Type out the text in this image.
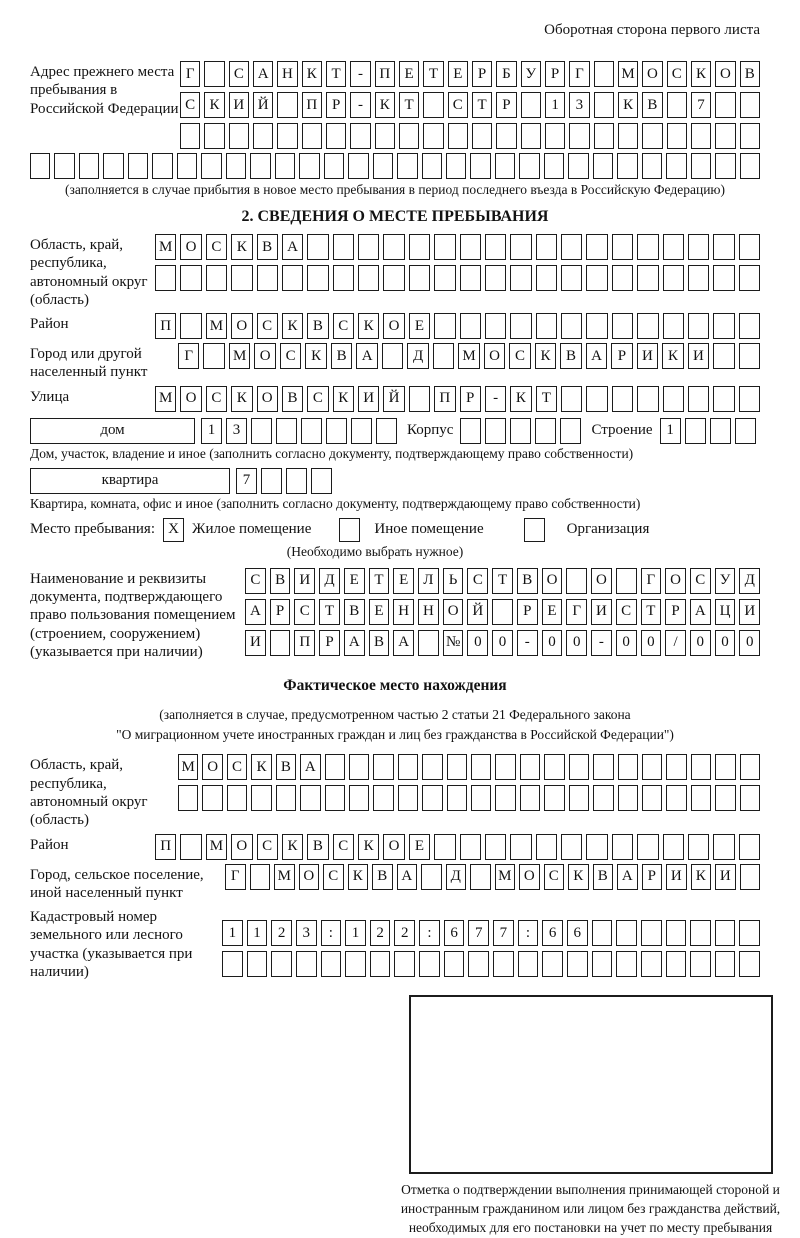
Оборотная сторона первого листа
Адрес прежнего места пребывания в Российской Федерации
Г	С А Н К Т	-	П Е	Т	Е	Р	Б У Р	Г	М О С К О В
С К И Й	П Р	-	К Т	С Т	Р	1	3	К В	7
(заполняется в случае прибытия в новое место пребывания в период последнего въезда в Российскую Федерацию)
2. СВЕДЕНИЯ О МЕСТЕ ПРЕБЫВАНИЯ
Область, край, республика, автономный округ (область)
М О С	К	В А
Район	П	М О С	К	В	С	К О	Е
Город или другой населенный пункт
Г	М О	С	К	В	А	Д	М О	С	К	В	А	Р	И	К	И
Улица	М О С	К О В	С	К И Й	П	Р	-	К	Т
дом	1	3	Корпус	Строение 1
Дом, участок, владение и иное (заполнить согласно документу, подтверждающему право собственности)
квартира	7
Квартира, комната, офис и иное (заполнить согласно документу, подтверждающему право собственности)
Место пребывания: X Жилое помещение	Иное помещение	Организация
(Необходимо выбрать нужное)
Наименование и реквизиты документа, подтверждающего право пользования помещением (строением, сооружением) (указывается при наличии)
С В И Д	Е	Т	Е	Л	Ь	С	Т	В О	О	Г О С У Д
А	Р	С	Т	В	Е Н Н О Й	Р	Е	Г И С	Т	Р	А Ц И
И	П	Р	А В А	№ 0	0	-	0	0	-	0	0	/	0	0	0
Фактическое место нахождения
(заполняется в случае, предусмотренном частью 2 статьи 21 Федерального закона
"О миграционном учете иностранных граждан и лиц без гражданства в Российской Федерации")
Область, край, республика, автономный округ (область)
М О С К В А
Район	П	М О С	К	В	С	К О	Е
Город, сельское поселение, иной населенный пункт
Г	М О С К В А	Д	М О С К В А Р И К И
Кадастровый номер земельного или лесного участка (указывается при наличии)
1	1	2	3	:	1	2	2	:	6	7	7	:	6	6
Отметка о подтверждении выполнения принимающей стороной и иностранным гражданином или лицом без гражданства действий, необходимых для его постановки на учет по месту пребывания
